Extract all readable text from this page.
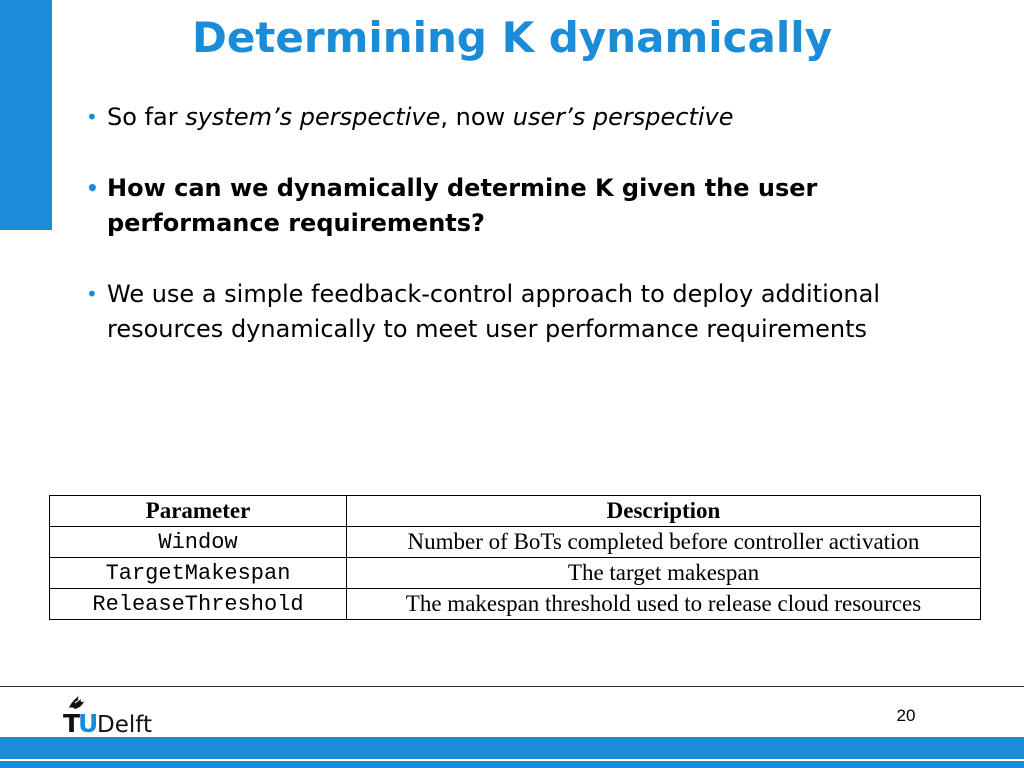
Determining K dynamically
• So far system’s perspective, now user’s perspective
• How can we dynamically determine K given the user performance requirements?
• We use a simple feedback-control approach to deploy additional resources dynamically to meet user performance requirements
Parameter	Description
Window	Number of BoTs completed before controller activation
TargetMakespan	The target makespan
ReleaseThreshold	The makespan threshold used to release cloud resources
T
U
Delft	20
